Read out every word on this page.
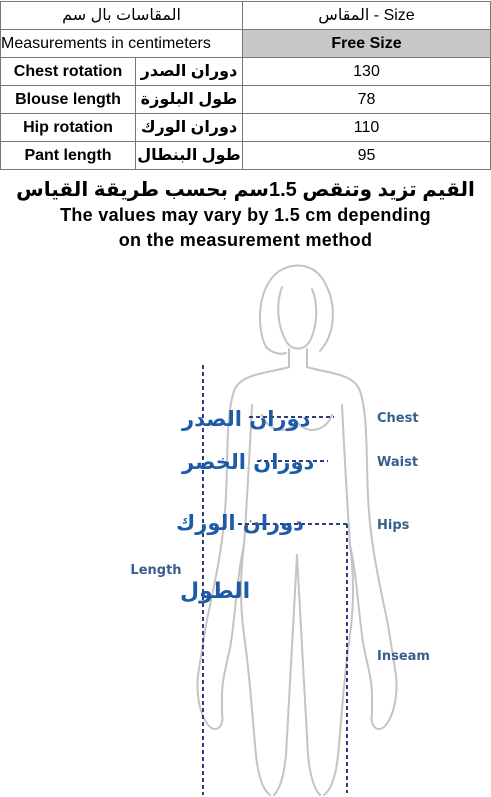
المقاسات بال سم		المقاس - Size
Measurements in centimeters		Free Size
Chest rotation	دوران الصدر	130
Blouse length	طول البلوزة	78
Hip rotation	دوران الورك	110
Pant length	طول البنطال	95
القيم تزيد وتنقص 1.5سم بحسب طريقة القياس
The values may vary by 1.5 cm depending
on the measurement method
دوران الصدر
دوران الخصر
دوران الورك
الطول
Length
Chest
Waist
Hips
Inseam
